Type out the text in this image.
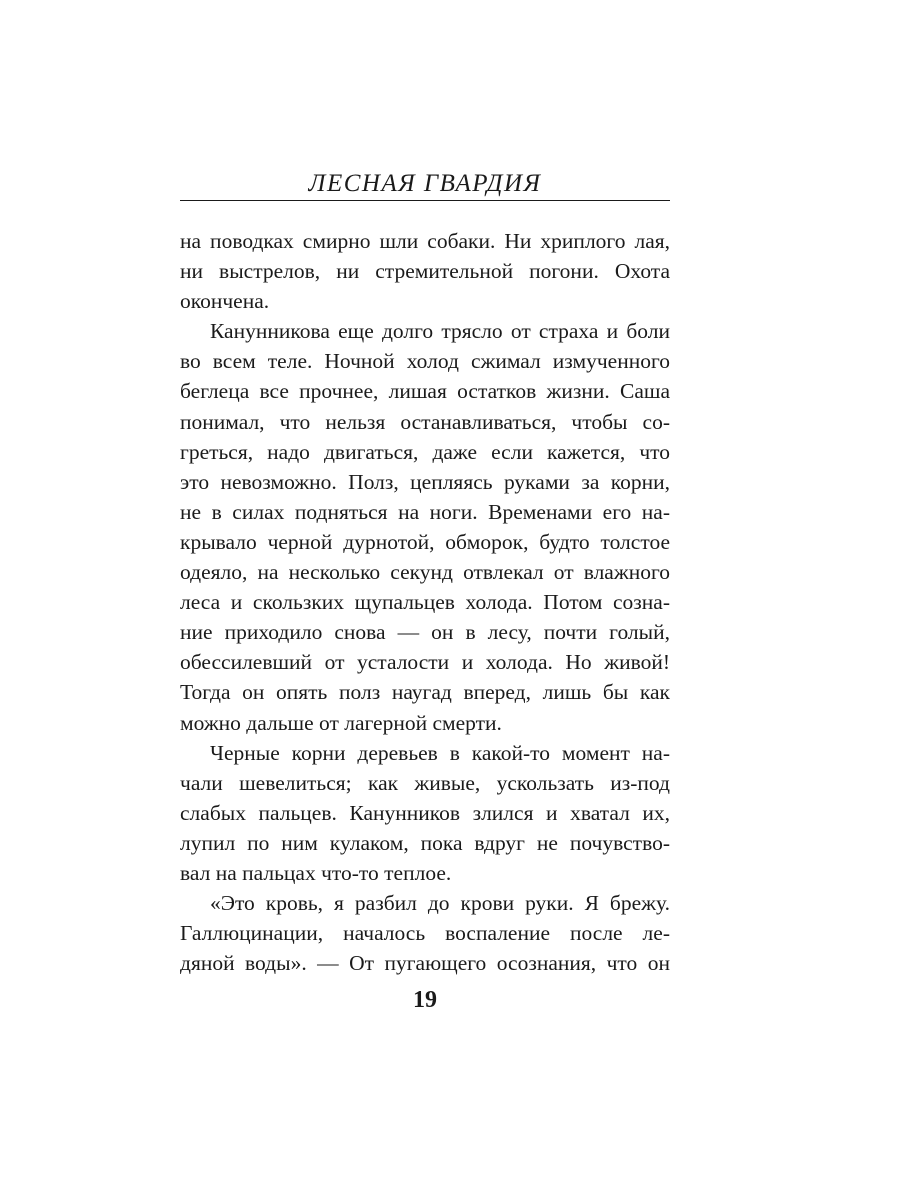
ЛЕСНАЯ ГВАРДИЯ
на поводках смирно шли собаки. Ни хриплого лая,
ни выстрелов, ни стремительной погони. Охота
окончена.
Канунникова еще долго трясло от страха и боли
во всем теле. Ночной холод сжимал измученного
беглеца все прочнее, лишая остатков жизни. Саша
понимал, что нельзя останавливаться, чтобы со-
греться, надо двигаться, даже если кажется, что
это невозможно. Полз, цепляясь руками за корни,
не в силах подняться на ноги. Временами его на-
крывало черной дурнотой, обморок, будто толстое
одеяло, на несколько секунд отвлекал от влажного
леса и скользких щупальцев холода. Потом созна-
ние приходило снова — он в лесу, почти голый,
обессилевший от усталости и холода. Но живой!
Тогда он опять полз наугад вперед, лишь бы как
можно дальше от лагерной смерти.
Черные корни деревьев в какой-то момент на-
чали шевелиться; как живые, ускользать из-под
слабых пальцев. Канунников злился и хватал их,
лупил по ним кулаком, пока вдруг не почувство-
вал на пальцах что-то теплое.
«Это кровь, я разбил до крови руки. Я брежу.
Галлюцинации, началось воспаление после ле-
дяной воды». — От пугающего осознания, что он
19
